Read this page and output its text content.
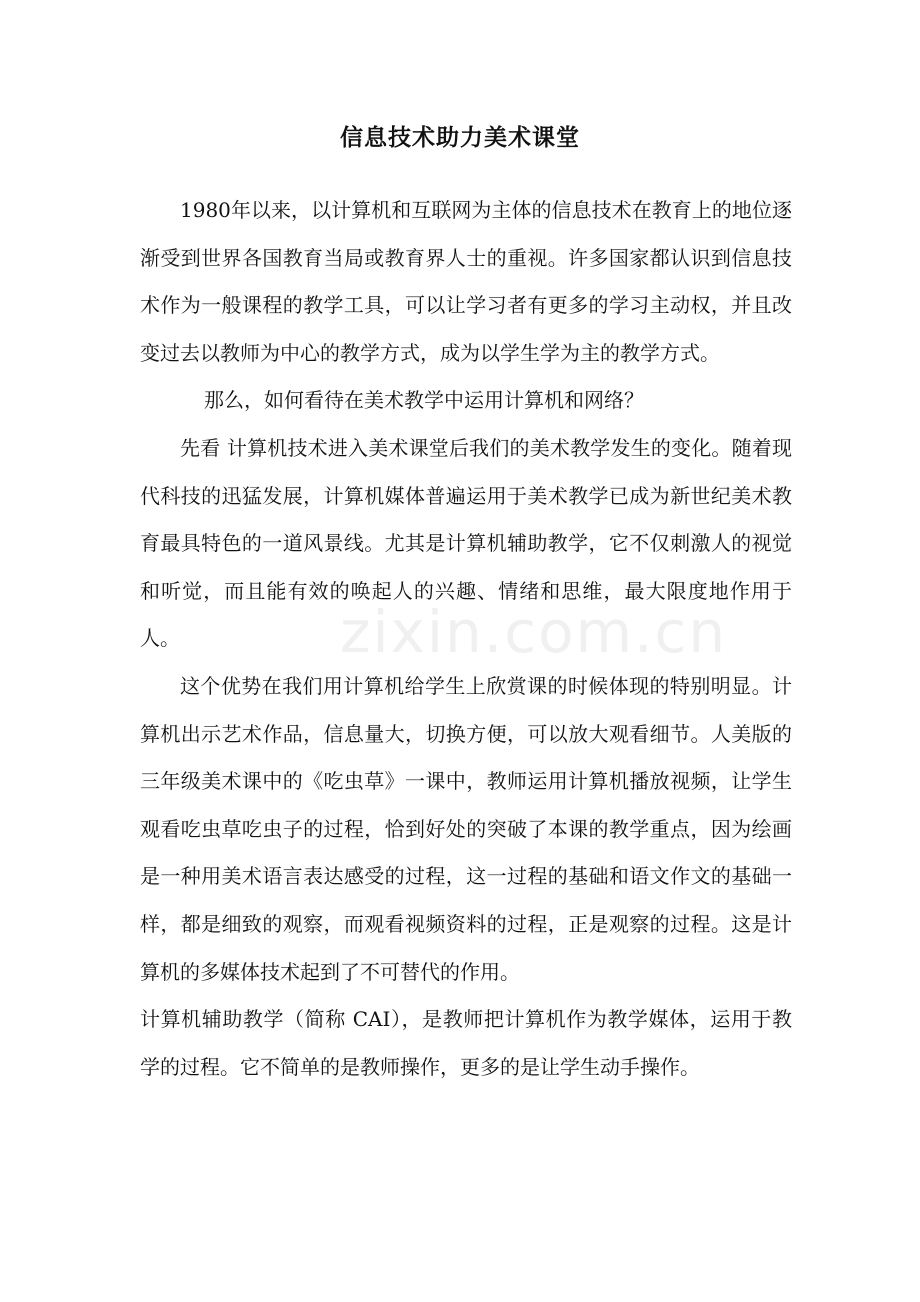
信息技术助力美术课堂

1980年以来，以计算机和互联网为主体的信息技术在教育上的地位逐渐受到世界各国教育当局或教育界人士的重视。许多国家都认识到信息技术作为一般课程的教学工具，可以让学习者有更多的学习主动权，并且改变过去以教师为中心的教学方式，成为以学生学为主的教学方式。

那么，如何看待在美术教学中运用计算机和网络？

先看 计算机技术进入美术课堂后我们的美术教学发生的变化。随着现代科技的迅猛发展，计算机媒体普遍运用于美术教学已成为新世纪美术教育最具特色的一道风景线。尤其是计算机辅助教学，它不仅刺激人的视觉和听觉，而且能有效的唤起人的兴趣、情绪和思维，最大限度地作用于人。

这个优势在我们用计算机给学生上欣赏课的时候体现的特别明显。计算机出示艺术作品，信息量大，切换方便，可以放大观看细节。人美版的三年级美术课中的《吃虫草》一课中，教师运用计算机播放视频，让学生观看吃虫草吃虫子的过程，恰到好处的突破了本课的教学重点，因为绘画是一种用美术语言表达感受的过程，这一过程的基础和语文作文的基础一样，都是细致的观察，而观看视频资料的过程，正是观察的过程。这是计算机的多媒体技术起到了不可替代的作用。

计算机辅助教学（简称 CAI），是教师把计算机作为教学媒体，运用于教学的过程。它不简单的是教师操作，更多的是让学生动手操作。

zixin.com.cn
